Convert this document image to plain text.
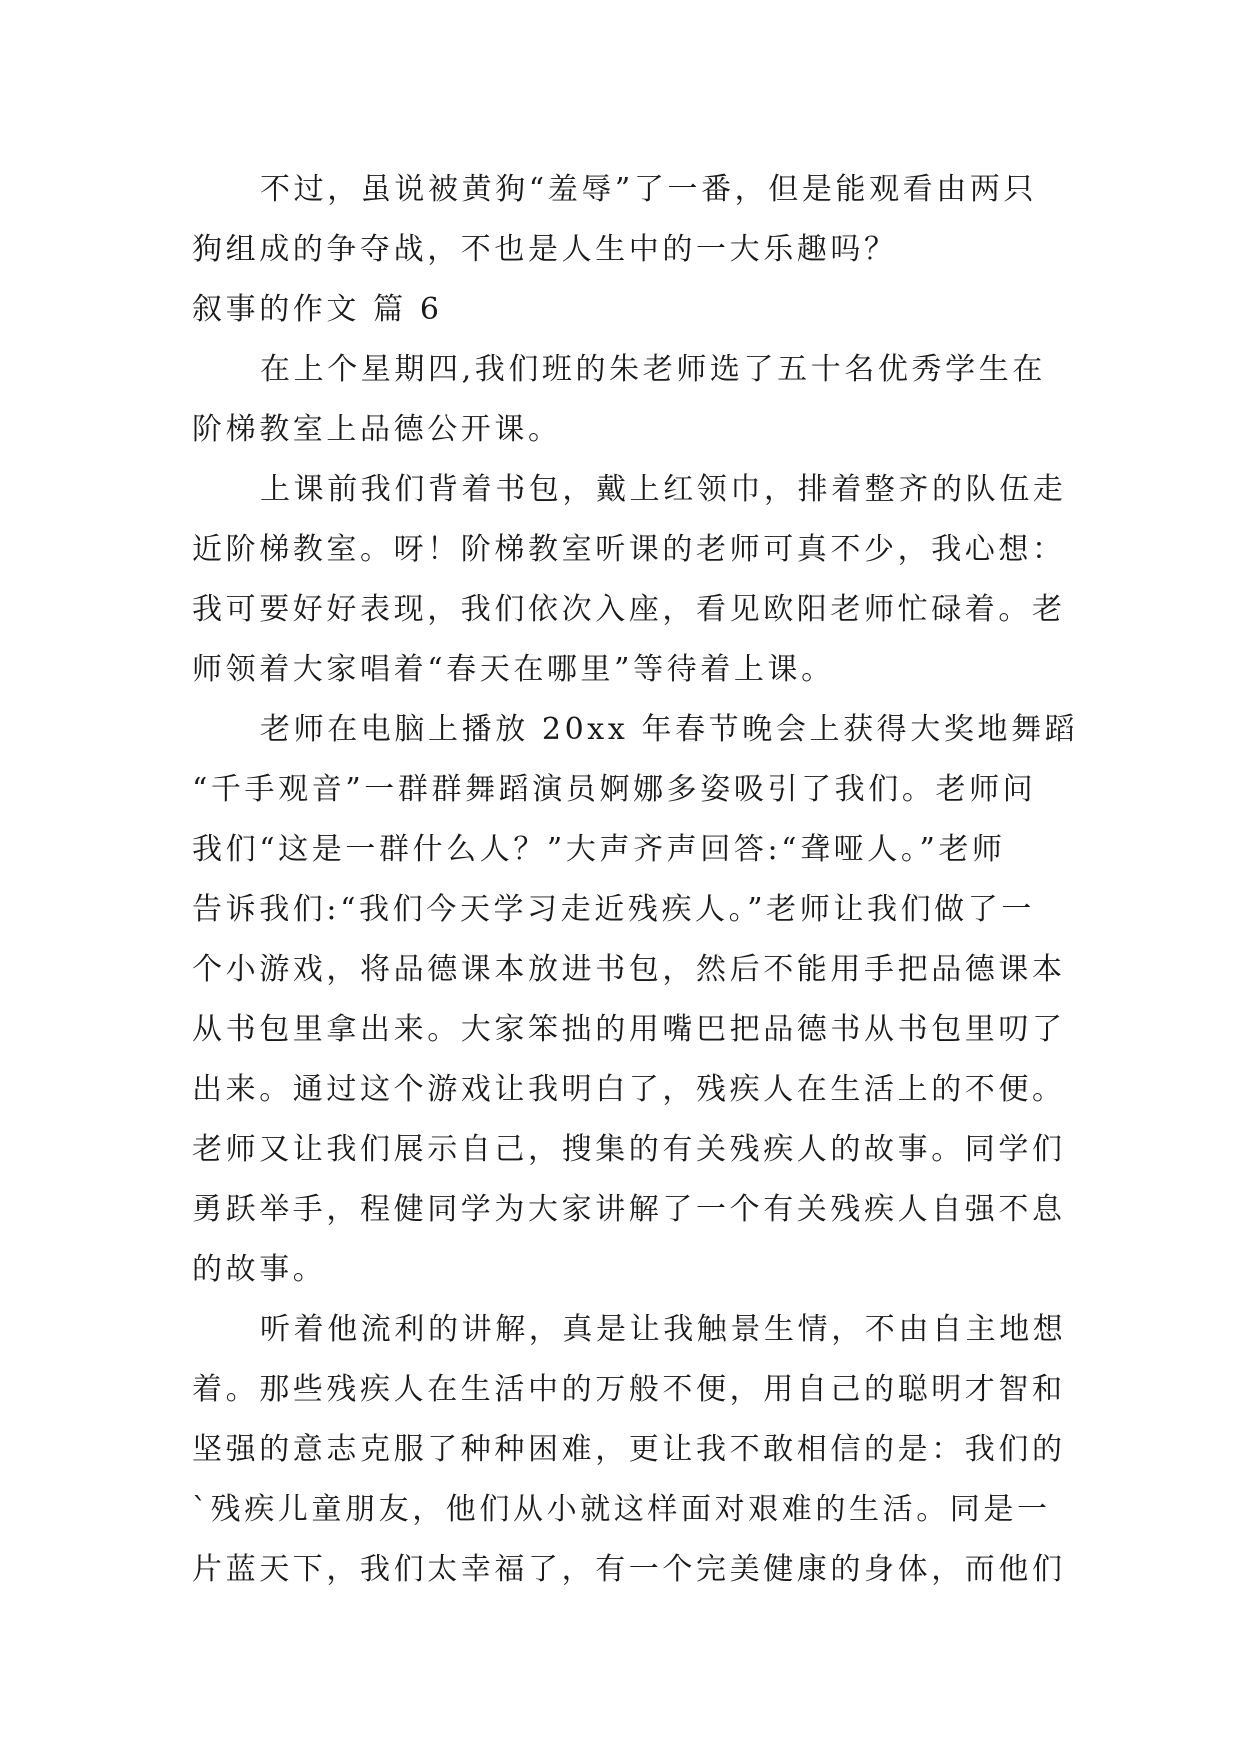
不过，虽说被黄狗“羞辱”了一番，但是能观看由两只
狗组成的争夺战，不也是人生中的一大乐趣吗？
叙事的作文 篇 6
在上个星期四,我们班的朱老师选了五十名优秀学生在
阶梯教室上品德公开课。
上课前我们背着书包，戴上红领巾，排着整齐的队伍走
近阶梯教室。呀！阶梯教室听课的老师可真不少，我心想：
我可要好好表现，我们依次入座，看见欧阳老师忙碌着。老
师领着大家唱着“春天在哪里”等待着上课。
老师在电脑上播放 20xx 年春节晚会上获得大奖地舞蹈
“千手观音”一群群舞蹈演员婀娜多姿吸引了我们。老师问
我们“这是一群什么人？”大声齐声回答:“聋哑人。”老师
告诉我们:“我们今天学习走近残疾人。”老师让我们做了一
个小游戏，将品德课本放进书包，然后不能用手把品德课本
从书包里拿出来。大家笨拙的用嘴巴把品德书从书包里叨了
出来。通过这个游戏让我明白了，残疾人在生活上的不便。
老师又让我们展示自己，搜集的有关残疾人的故事。同学们
勇跃举手，程健同学为大家讲解了一个有关残疾人自强不息
的故事。
听着他流利的讲解，真是让我触景生情，不由自主地想
着。那些残疾人在生活中的万般不便，用自己的聪明才智和
坚强的意志克服了种种困难，更让我不敢相信的是：我们的
`残疾儿童朋友，他们从小就这样面对艰难的生活。同是一
片蓝天下，我们太幸福了，有一个完美健康的身体，而他们
